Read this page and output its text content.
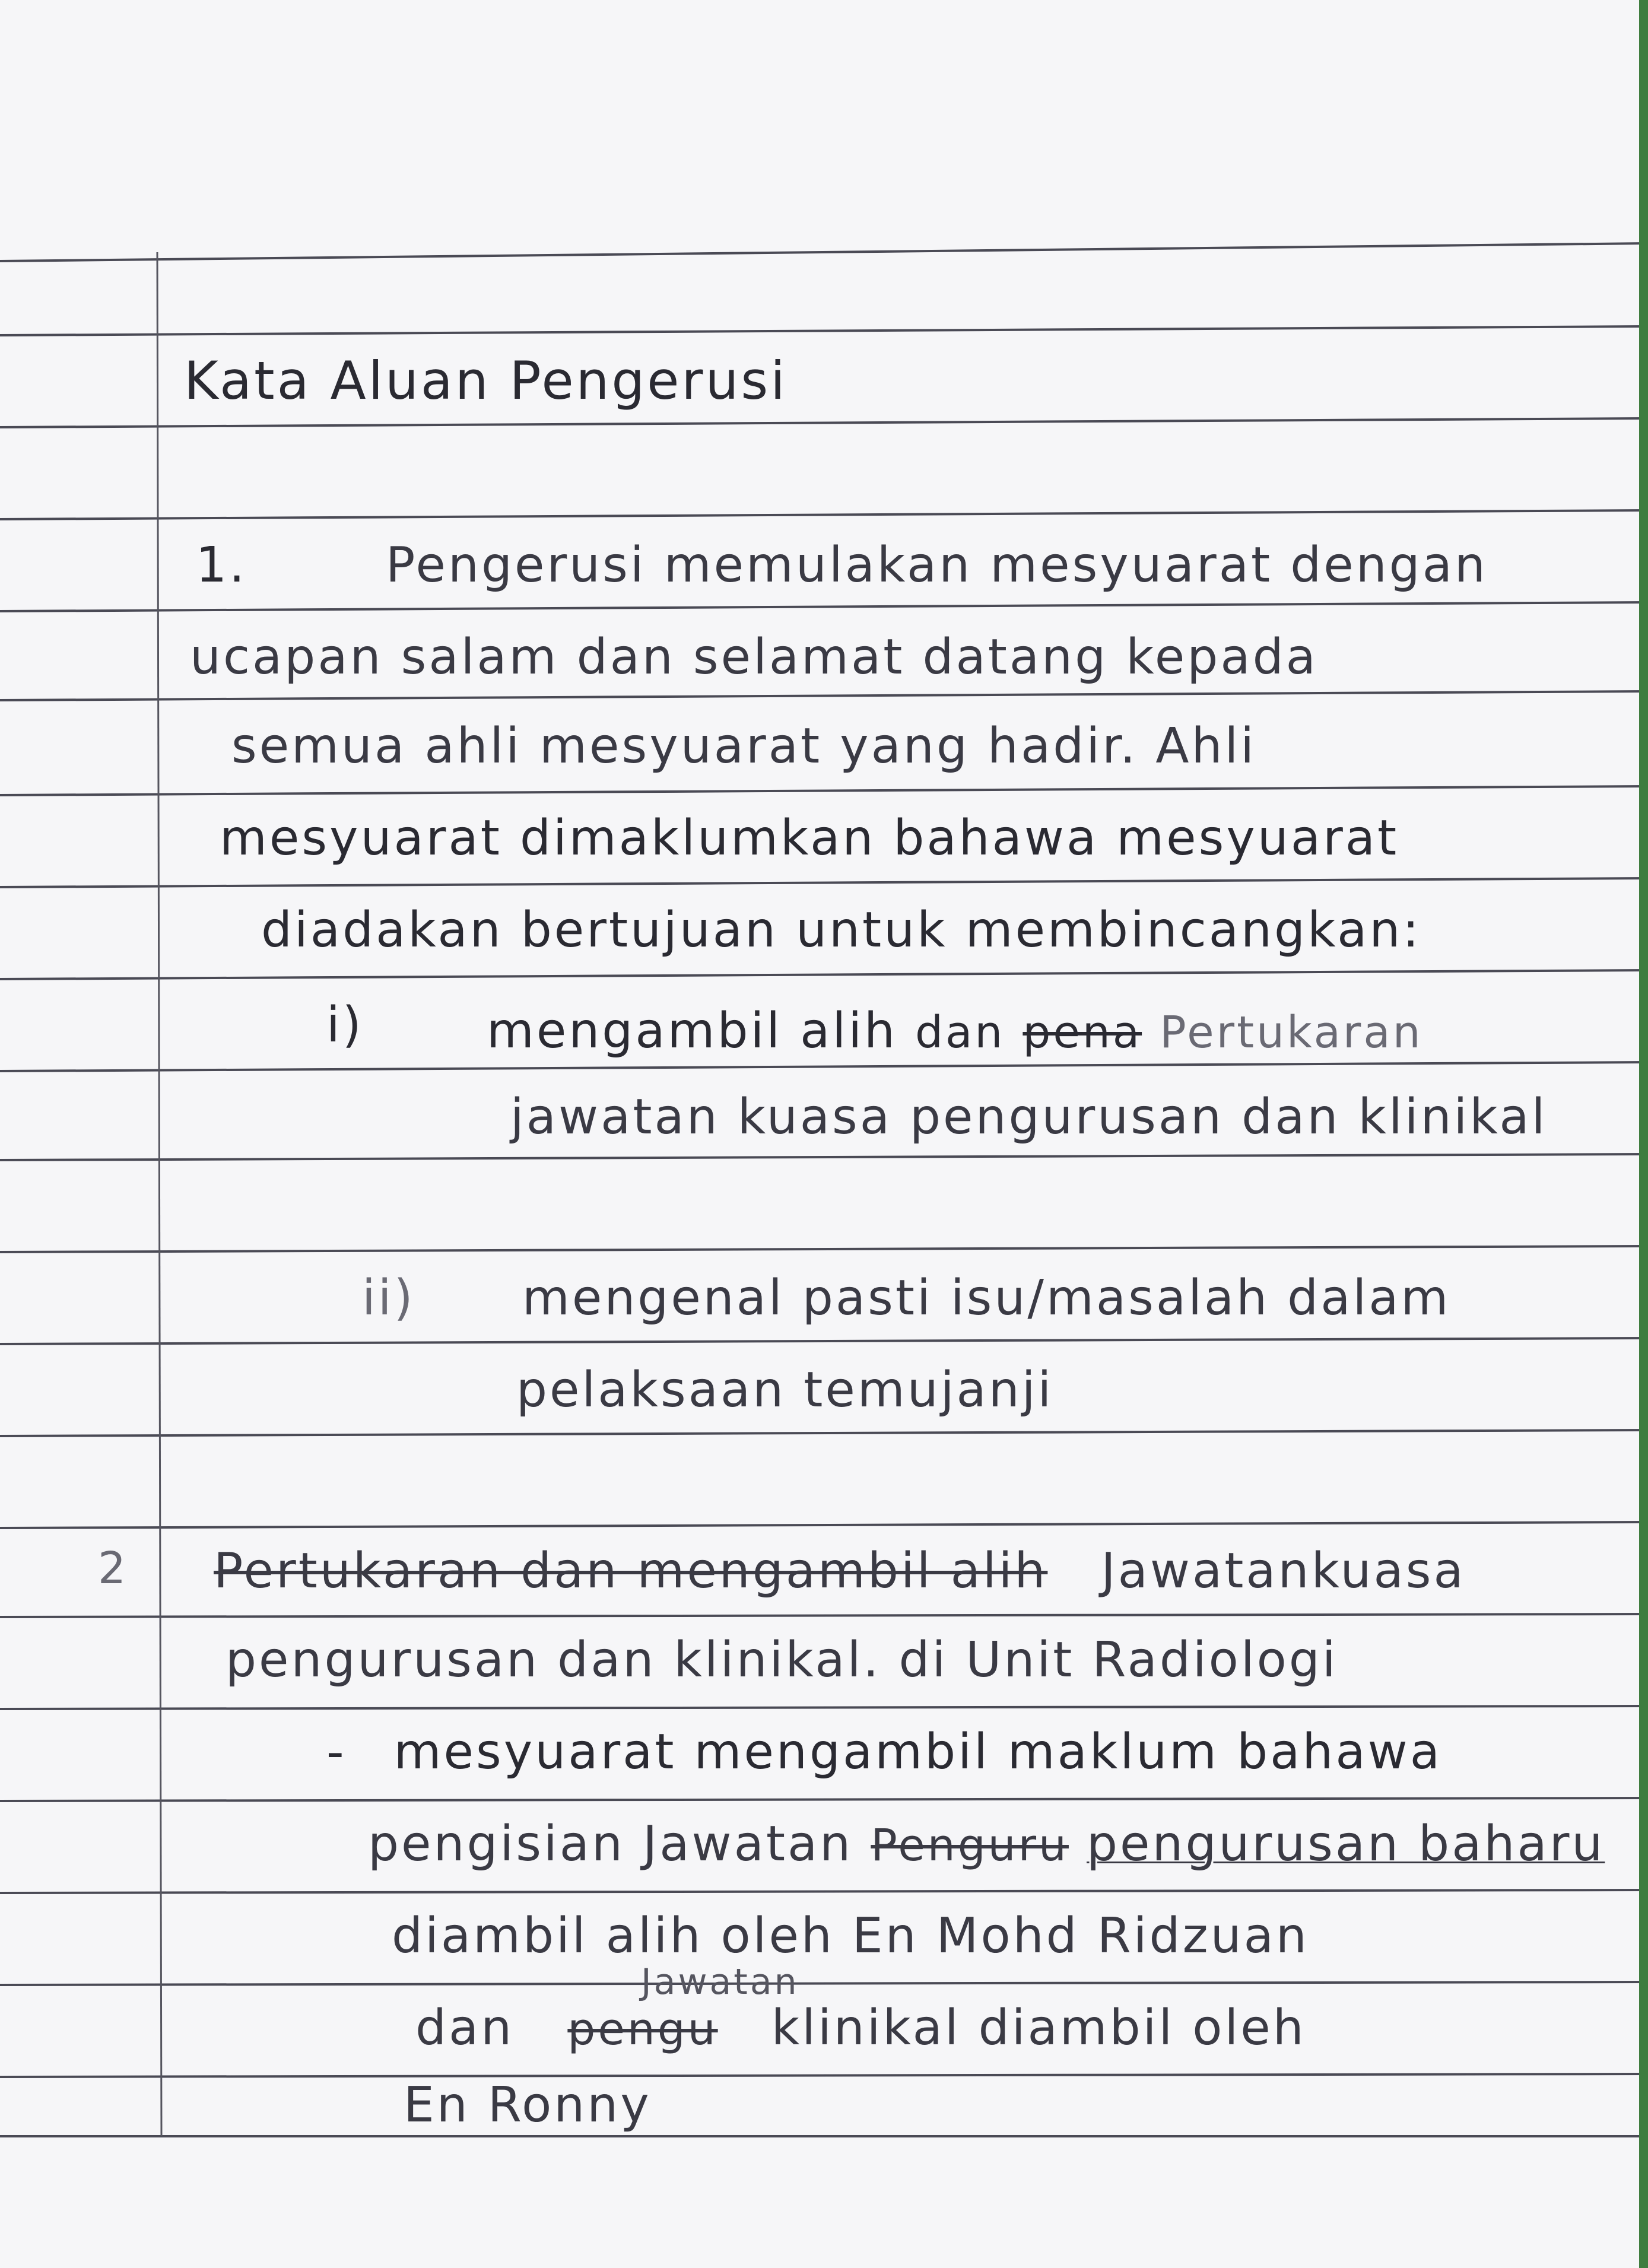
Kata Aluan Pengerusi
1.	Pengerusi memulakan mesyuarat dengan
ucapan salam dan selamat datang kepada
semua ahli mesyuarat yang hadir. Ahli
mesyuarat dimaklumkan bahawa mesyuarat
diadakan bertujuan untuk membincangkan:
i)	mengambil alih dan pena Pertukaran
jawatan kuasa pengurusan dan klinikal
ii) mengenal pasti isu/masalah dalam
pelaksaan temujanji
2 Pertukaran dan mengambil alih Jawatankuasa
pengurusan dan klinikal. di Unit Radiologi
- mesyuarat mengambil maklum bahawa
pengisian Jawatan Penguru pengurusan baharu
diambil alih oleh En Mohd Ridzuan
Jawatan
dan pengu klinikal diambil oleh
En Ronny
